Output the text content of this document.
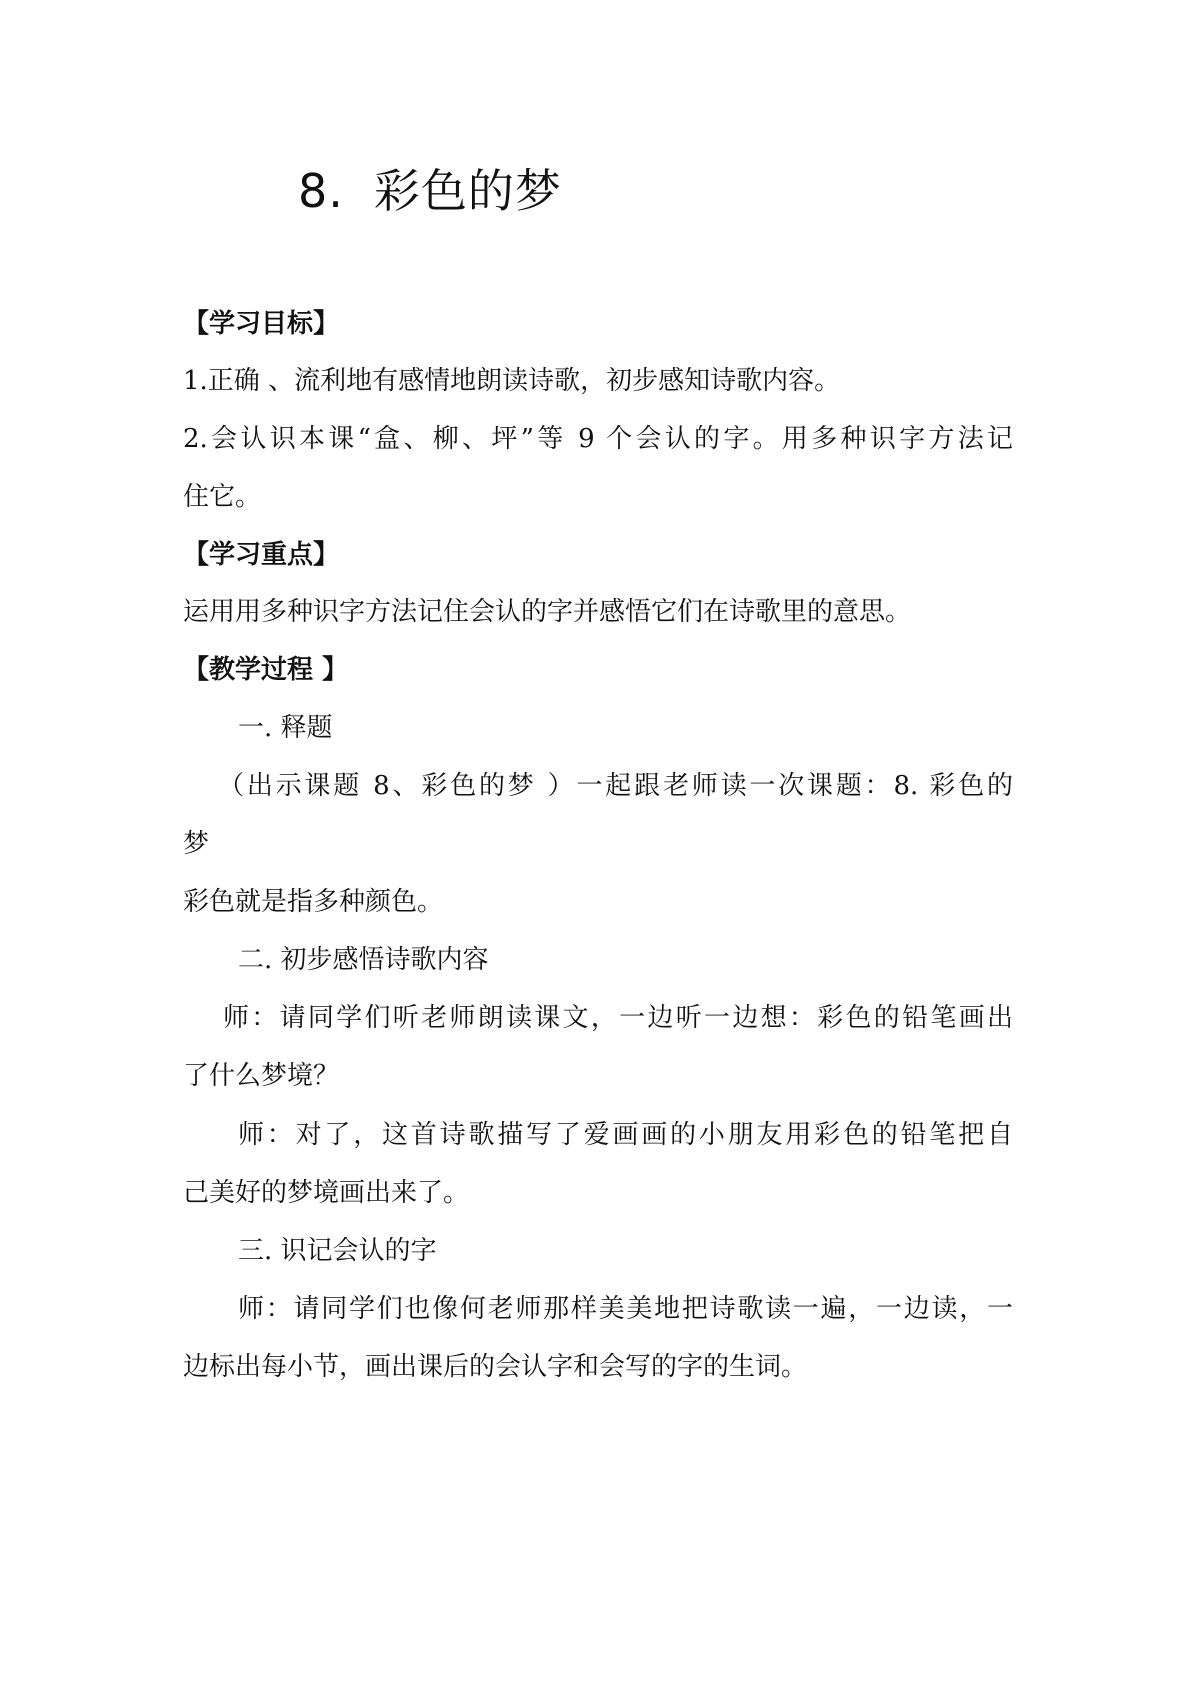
8. 彩色的梦
【学习目标】
1.正确 、流利地有感情地朗读诗歌，初步感知诗歌内容。
2.会认识本课“盒、柳、坪”等 9 个会认的字。用多种识字方法记
住它。
【学习重点】
运用用多种识字方法记住会认的字并感悟它们在诗歌里的意思。
【教学过程 】
一. 释题
（出示课题 8、彩色的梦 ）一起跟老师读一次课题：8. 彩色的
梦
彩色就是指多种颜色。
二. 初步感悟诗歌内容
师：请同学们听老师朗读课文，一边听一边想：彩色的铅笔画出
了什么梦境？
师：对了，这首诗歌描写了爱画画的小朋友用彩色的铅笔把自
己美好的梦境画出来了。
三. 识记会认的字
师：请同学们也像何老师那样美美地把诗歌读一遍，一边读，一
边标出每小节，画出课后的会认字和会写的字的生词。
